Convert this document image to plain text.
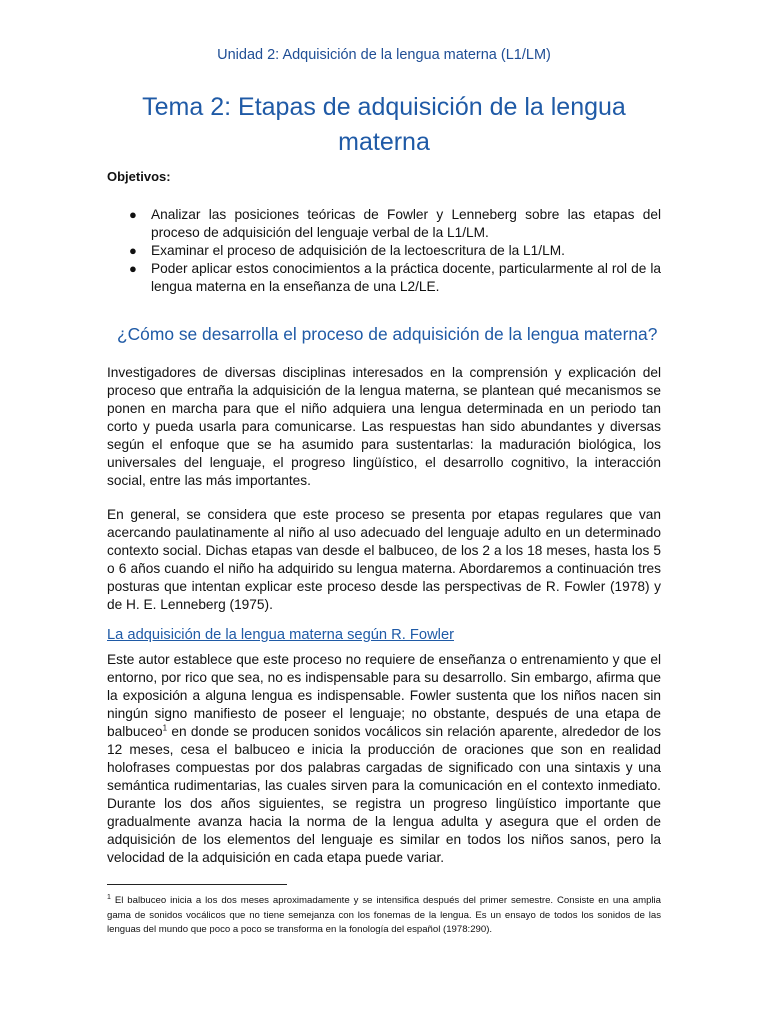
Unidad 2: Adquisición de la lengua materna (L1/LM)
Tema 2: Etapas de adquisición de la lengua materna
Objetivos:
● Analizar las posiciones teóricas de Fowler y Lenneberg sobre las etapas del proceso de adquisición del lenguaje verbal de la L1/LM.
● Examinar el proceso de adquisición de la lectoescritura de la L1/LM.
● Poder aplicar estos conocimientos a la práctica docente, particularmente al rol de la lengua materna en la enseñanza de una L2/LE.
¿Cómo se desarrolla el proceso de adquisición de la lengua materna?

Investigadores de diversas disciplinas interesados en la comprensión y explicación del proceso que entraña la adquisición de la lengua materna, se plantean qué mecanismos se ponen en marcha para que el niño adquiera una lengua determinada en un periodo tan corto y pueda usarla para comunicarse. Las respuestas han sido abundantes y diversas según el enfoque que se ha asumido para sustentarlas: la maduración biológica, los universales del lenguaje, el progreso lingüístico, el desarrollo cognitivo, la interacción social, entre las más importantes.

En general, se considera que este proceso se presenta por etapas regulares que van acercando paulatinamente al niño al uso adecuado del lenguaje adulto en un determinado contexto social. Dichas etapas van desde el balbuceo, de los 2 a los 18 meses, hasta los 5 o 6 años cuando el niño ha adquirido su lengua materna. Abordaremos a continuación tres posturas que intentan explicar este proceso desde las perspectivas de R. Fowler (1978) y de H. E. Lenneberg (1975).

La adquisición de la lengua materna según R. Fowler

Este autor establece que este proceso no requiere de enseñanza o entrenamiento y que el entorno, por rico que sea, no es indispensable para su desarrollo. Sin embargo, afirma que la exposición a alguna lengua es indispensable. Fowler sustenta que los niños nacen sin ningún signo manifiesto de poseer el lenguaje; no obstante, después de una etapa de balbuceo$^1$ en donde se producen sonidos vocálicos sin relación aparente, alrededor de los 12 meses, cesa el balbuceo e inicia la producción de oraciones que son en realidad holofrases compuestas por dos palabras cargadas de significado con una sintaxis y una semántica rudimentarias, las cuales sirven para la comunicación en el contexto inmediato. Durante los dos años siguientes, se registra un progreso lingüístico importante que gradualmente avanza hacia la norma de la lengua adulta y asegura que el orden de adquisición de los elementos del lenguaje es similar en todos los niños sanos, pero la velocidad de la adquisición en cada etapa puede variar.

$^1$ El balbuceo inicia a los dos meses aproximadamente y se intensifica después del primer semestre. Consiste en una amplia gama de sonidos vocálicos que no tiene semejanza con los fonemas de la lengua. Es un ensayo de todos los sonidos de las lenguas del mundo que poco a poco se transforma en la fonología del español (1978:290).
